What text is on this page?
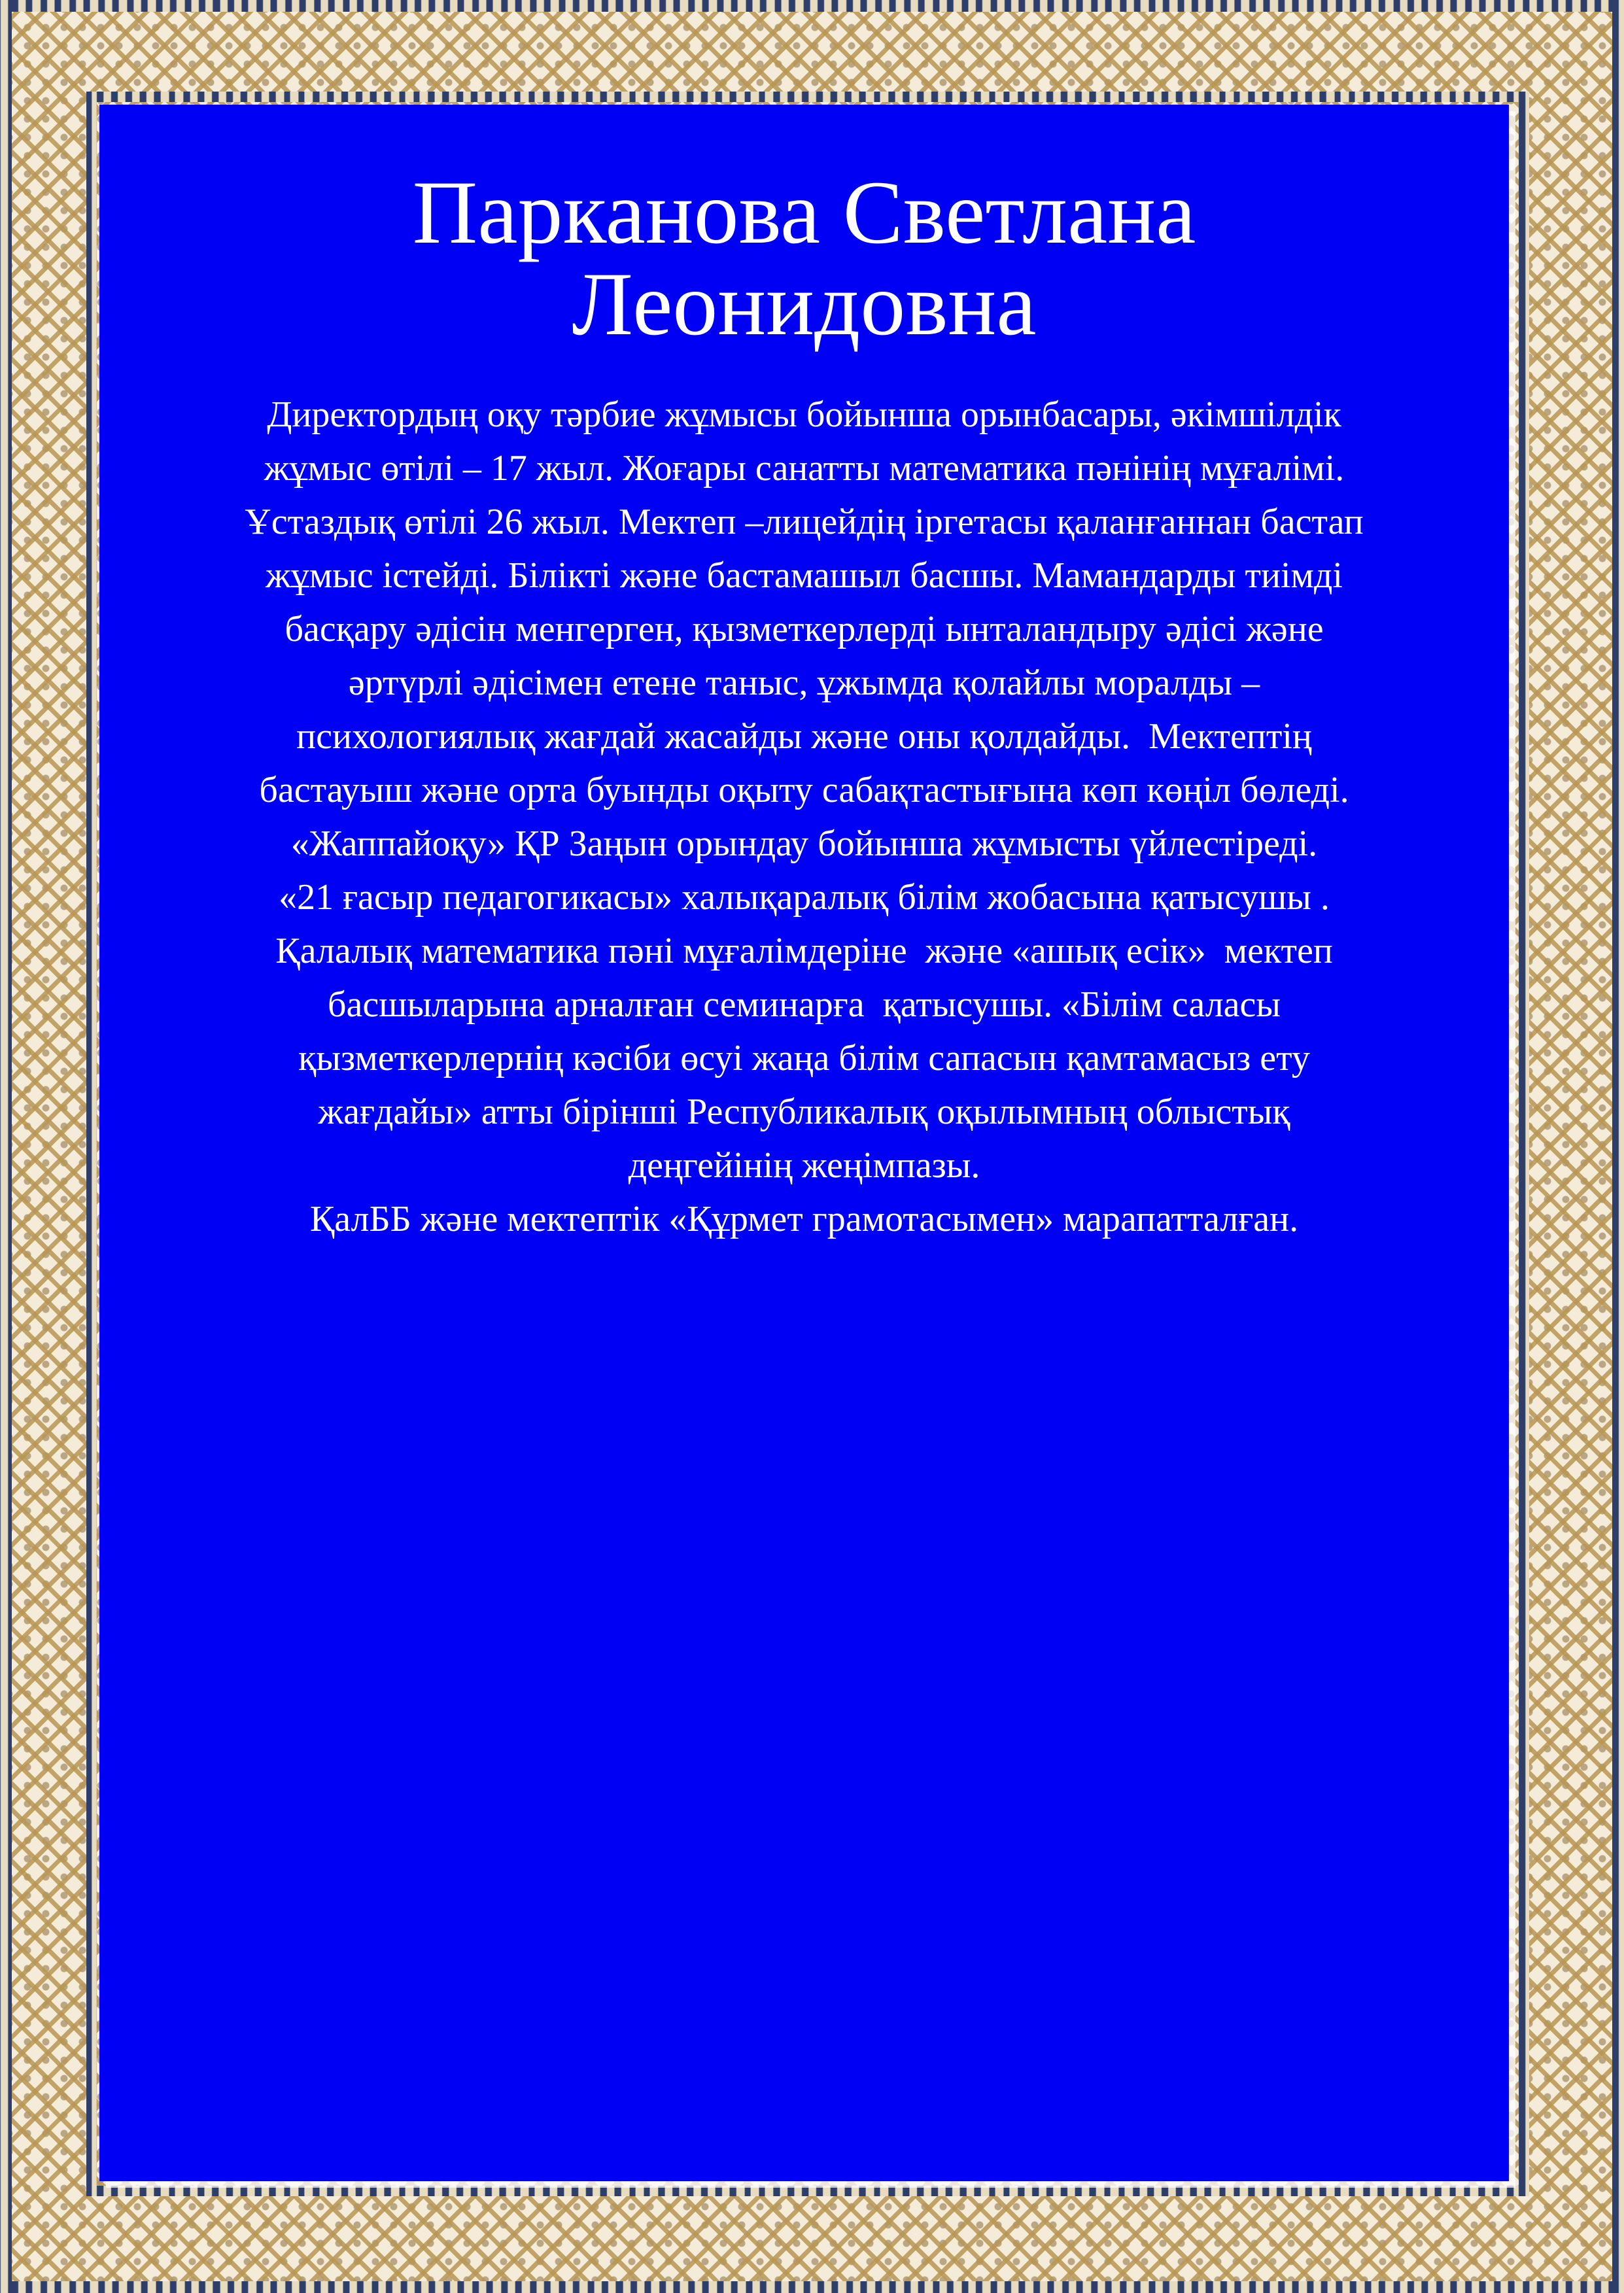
Парканова Светлана
Леонидовна
Директордың оқу тәрбие жұмысы бойынша орынбасары, әкімшілдік
жұмыс өтілі – 17 жыл. Жоғары санатты математика пәнінің мұғалімі.
Ұстаздық өтілі 26 жыл. Мектеп –лицейдің іргетасы қаланғаннан бастап
жұмыс істейді. Білікті және бастамашыл басшы. Мамандарды тиімді
басқару әдісін менгерген, қызметкерлерді ынталандыру әдісі және
әртүрлі әдісімен етене таныс, ұжымда қолайлы моралды –
психологиялық жағдай жасайды және оны қолдайды.  Мектептің
бастауыш және орта буынды оқыту сабақтастығына көп көңіл бөледі.
«Жаппайоқу» ҚР Заңын орындау бойынша жұмысты үйлестіреді.
«21 ғасыр педагогикасы» халықаралық білім жобасына қатысушы .
Қалалық математика пәні мұғалімдеріне  және «ашық есік»  мектеп
басшыларына арналған семинарға  қатысушы. «Білім саласы
қызметкерлернің кәсіби өсуі жаңа білім сапасын қамтамасыз ету
жағдайы» атты бірінші Республикалық оқылымның облыстық
деңгейінің жеңімпазы.
ҚалББ және мектептік «Құрмет грамотасымен» марапатталған.
